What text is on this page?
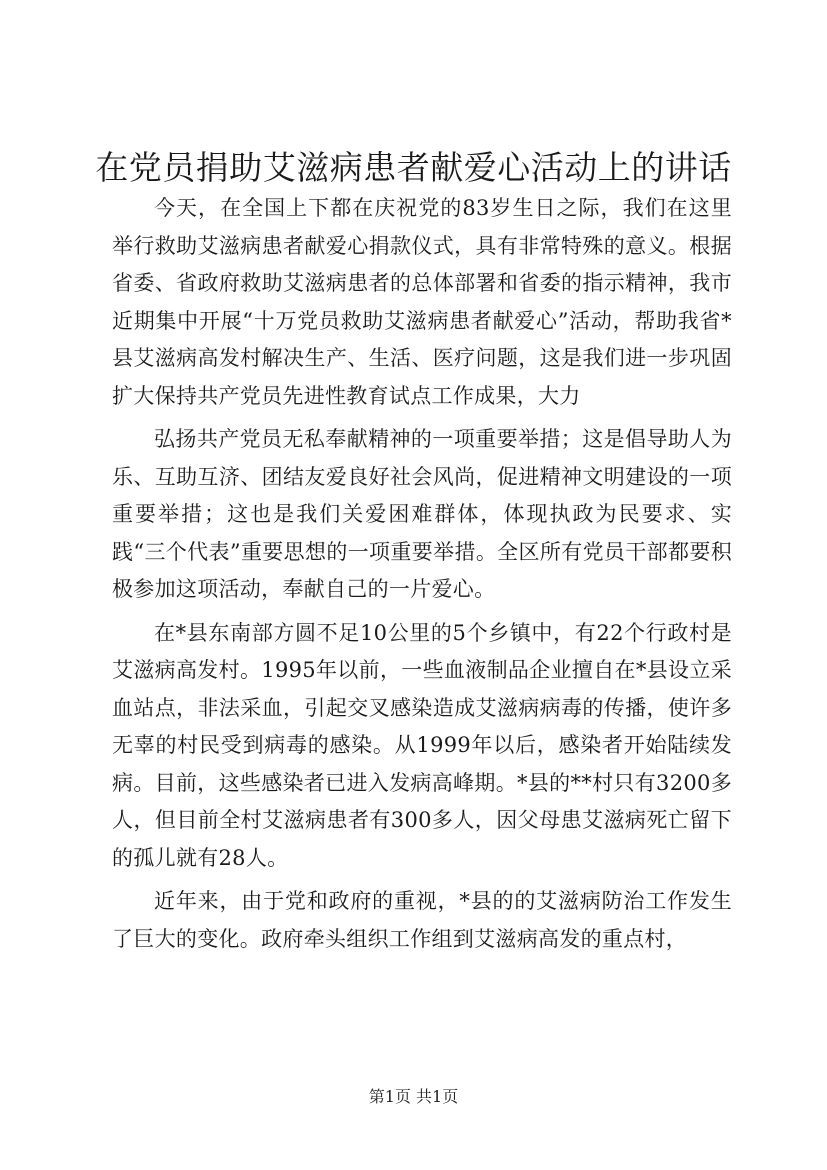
在党员捐助艾滋病患者献爱心活动上的讲话

今天，在全国上下都在庆祝党的83岁生日之际，我们在这里举行救助艾滋病患者献爱心捐款仪式，具有非常特殊的意义。根据省委、省政府救助艾滋病患者的总体部署和省委的指示精神，我市近期集中开展“十万党员救助艾滋病患者献爱心”活动，帮助我省*县艾滋病高发村解决生产、生活、医疗问题，这是我们进一步巩固扩大保持共产党员先进性教育试点工作成果，大力

弘扬共产党员无私奉献精神的一项重要举措；这是倡导助人为乐、互助互济、团结友爱良好社会风尚，促进精神文明建设的一项重要举措；这也是我们关爱困难群体，体现执政为民要求、实践“三个代表”重要思想的一项重要举措。全区所有党员干部都要积极参加这项活动，奉献自己的一片爱心。

在*县东南部方圆不足10公里的5个乡镇中，有22个行政村是艾滋病高发村。1995年以前，一些血液制品企业擅自在*县设立采血站点，非法采血，引起交叉感染造成艾滋病病毒的传播，使许多无辜的村民受到病毒的感染。从1999年以后，感染者开始陆续发病。目前，这些感染者已进入发病高峰期。*县的**村只有3200多人，但目前全村艾滋病患者有300多人，因父母患艾滋病死亡留下的孤儿就有28人。

近年来，由于党和政府的重视，*县的的艾滋病防治工作发生了巨大的变化。政府牵头组织工作组到艾滋病高发的重点村，

第1页 共1页
